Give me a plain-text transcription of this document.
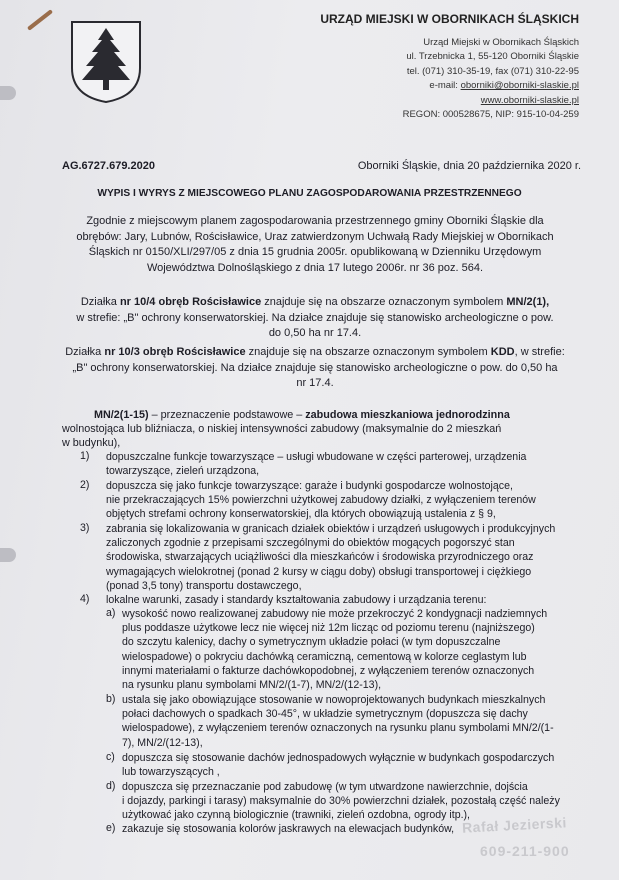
URZĄD MIEJSKI W OBORNIKACH ŚLĄSKICH
Urząd Miejski w Obornikach Śląskich
ul. Trzebnicka 1, 55-120 Oborniki Śląskie
tel. (071) 310-35-19, fax (071) 310-22-95
e-mail: oborniki@oborniki-slaskie.pl
www.oborniki-slaskie.pl
REGON: 000528675, NIP: 915-10-04-259
AG.6727.679.2020	Oborniki Śląskie, dnia 20 października 2020 r.
WYPIS I WYRYS Z MIEJSCOWEGO PLANU ZAGOSPODAROWANIA PRZESTRZENNEGO
Zgodnie z miejscowym planem zagospodarowania przestrzennego gminy Oborniki Śląskie dla
obrębów: Jary, Lubnów, Rościsławice, Uraz zatwierdzonym Uchwałą Rady Miejskiej w Obornikach
Śląskich nr 0150/XLI/297/05 z dnia 15 grudnia 2005r. opublikowaną w Dzienniku Urzędowym
Województwa Dolnośląskiego z dnia 17 lutego 2006r. nr 36 poz. 564.
Działka nr 10/4 obręb Rościsławice znajduje się na obszarze oznaczonym symbolem MN/2(1),
w strefie: „B" ochrony konserwatorskiej. Na działce znajduje się stanowisko archeologiczne o pow.
do 0,50 ha nr 17.4.
Działka nr 10/3 obręb Rościsławice znajduje się na obszarze oznaczonym symbolem KDD, w strefie:
„B" ochrony konserwatorskiej. Na działce znajduje się stanowisko archeologiczne o pow. do 0,50 ha
nr 17.4.
MN/2(1-15) – przeznaczenie podstawowe – zabudowa mieszkaniowa jednorodzinna
wolnostojąca lub bliźniacza, o niskiej intensywności zabudowy (maksymalnie do 2 mieszkań
w budynku),
1) dopuszczalne funkcje towarzyszące – usługi wbudowane w części parterowej, urządzenia
towarzyszące, zieleń urządzona,
2) dopuszcza się jako funkcje towarzyszące: garaże i budynki gospodarcze wolnostojące,
nie przekraczających 15% powierzchni użytkowej zabudowy działki, z wyłączeniem terenów
objętych strefami ochrony konserwatorskiej, dla których obowiązują ustalenia z § 9,
3) zabrania się lokalizowania w granicach działek obiektów i urządzeń usługowych i produkcyjnych
zaliczonych zgodnie z przepisami szczególnymi do obiektów mogących pogorszyć stan
środowiska, stwarzających uciążliwości dla mieszkańców i środowiska przyrodniczego oraz
wymagających wielokrotnej (ponad 2 kursy w ciągu doby) obsługi transportowej i ciężkiego
(ponad 3,5 tony) transportu dostawczego,
4) lokalne warunki, zasady i standardy kształtowania zabudowy i urządzania terenu:
a) wysokość nowo realizowanej zabudowy nie może przekroczyć 2 kondygnacji nadziemnych
plus poddasze użytkowe lecz nie więcej niż 12m licząc od poziomu terenu (najniższego)
do szczytu kalenicy, dachy o symetrycznym układzie połaci (w tym dopuszczalne
wielospadowe) o pokryciu dachówką ceramiczną, cementową w kolorze ceglastym lub
innymi materiałami o fakturze dachówkopodobnej, z wyłączeniem terenów oznaczonych
na rysunku planu symbolami MN/2/(1-7), MN/2/(12-13),
b) ustala się jako obowiązujące stosowanie w nowoprojektowanych budynkach mieszkalnych
połaci dachowych o spadkach 30-45°, w układzie symetrycznym (dopuszcza się dachy
wielospadowe), z wyłączeniem terenów oznaczonych na rysunku planu symbolami MN/2/(1-
7), MN/2/(12-13),
c) dopuszcza się stosowanie dachów jednospadowych wyłącznie w budynkach gospodarczych
lub towarzyszących ,
d) dopuszcza się przeznaczanie pod zabudowę (w tym utwardzone nawierzchnie, dojścia
i dojazdy, parkingi i tarasy) maksymalnie do 30% powierzchni działek, pozostałą część należy
użytkować jako czynną biologicznie (trawniki, zieleń ozdobna, ogrody itp.),
e) zakazuje się stosowania kolorów jaskrawych na elewacjach budynków, Rafał Jezierski
609-211-900
